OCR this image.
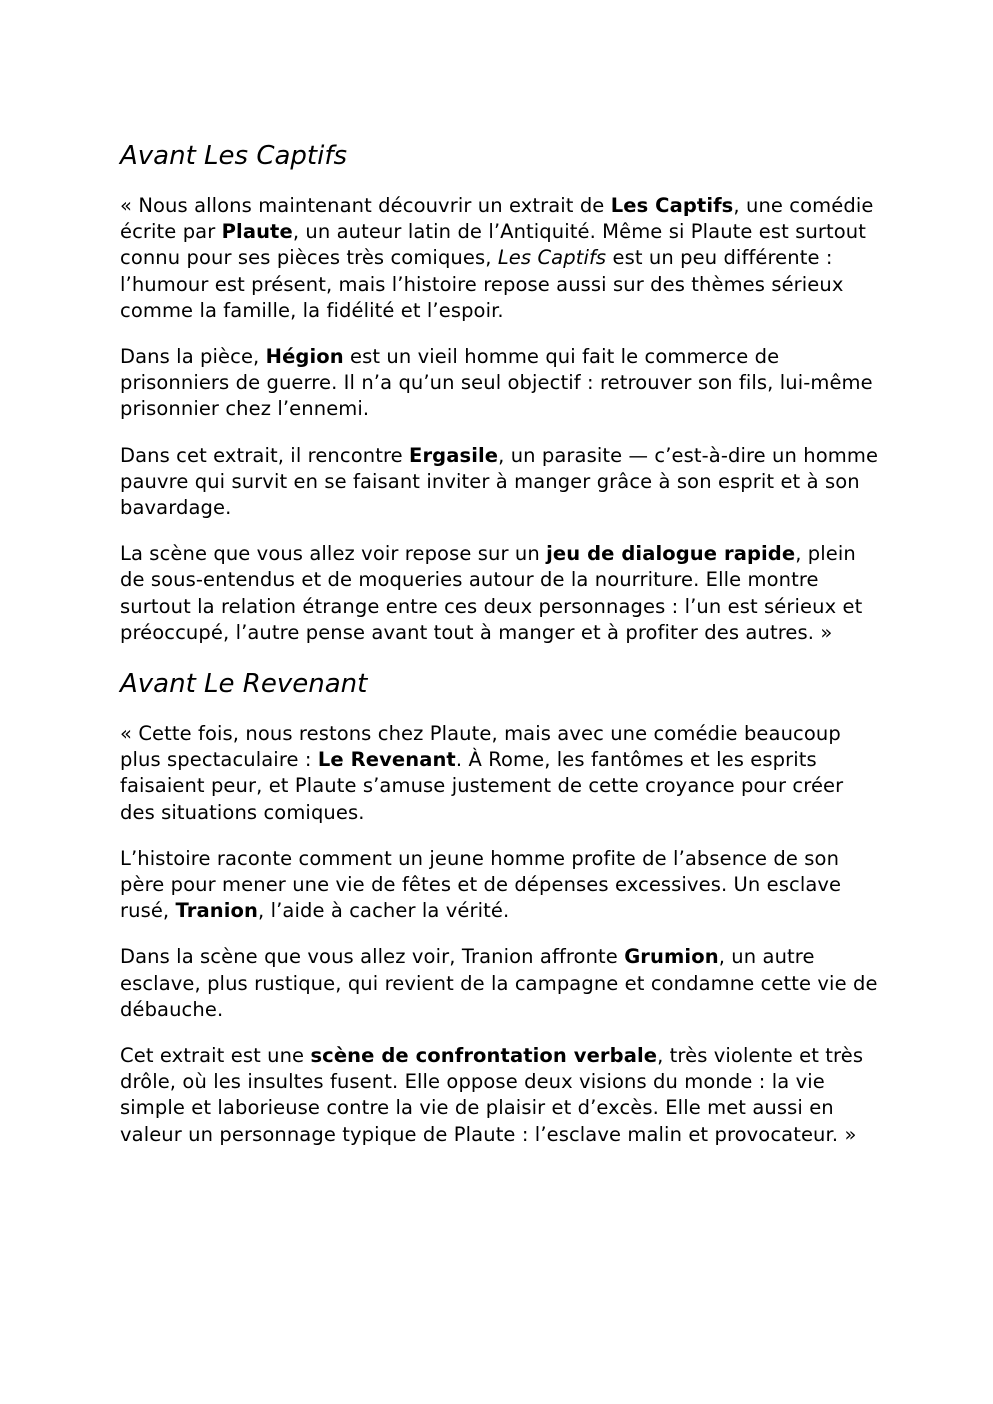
Avant Les Captifs

« Nous allons maintenant découvrir un extrait de Les Captifs, une comédie écrite par Plaute, un auteur latin de l’Antiquité. Même si Plaute est surtout connu pour ses pièces très comiques, Les Captifs est un peu différente : l’humour est présent, mais l’histoire repose aussi sur des thèmes sérieux comme la famille, la fidélité et l’espoir.

Dans la pièce, Hégion est un vieil homme qui fait le commerce de prisonniers de guerre. Il n’a qu’un seul objectif : retrouver son fils, lui-même prisonnier chez l’ennemi.

Dans cet extrait, il rencontre Ergasile, un parasite — c’est-à-dire un homme pauvre qui survit en se faisant inviter à manger grâce à son esprit et à son bavardage.

La scène que vous allez voir repose sur un jeu de dialogue rapide, plein de sous-entendus et de moqueries autour de la nourriture. Elle montre surtout la relation étrange entre ces deux personnages : l’un est sérieux et préoccupé, l’autre pense avant tout à manger et à profiter des autres. »

Avant Le Revenant

« Cette fois, nous restons chez Plaute, mais avec une comédie beaucoup plus spectaculaire : Le Revenant. À Rome, les fantômes et les esprits faisaient peur, et Plaute s’amuse justement de cette croyance pour créer des situations comiques.

L’histoire raconte comment un jeune homme profite de l’absence de son père pour mener une vie de fêtes et de dépenses excessives. Un esclave rusé, Tranion, l’aide à cacher la vérité.

Dans la scène que vous allez voir, Tranion affronte Grumion, un autre esclave, plus rustique, qui revient de la campagne et condamne cette vie de débauche.

Cet extrait est une scène de confrontation verbale, très violente et très drôle, où les insultes fusent. Elle oppose deux visions du monde : la vie simple et laborieuse contre la vie de plaisir et d’excès. Elle met aussi en valeur un personnage typique de Plaute : l’esclave malin et provocateur. »
